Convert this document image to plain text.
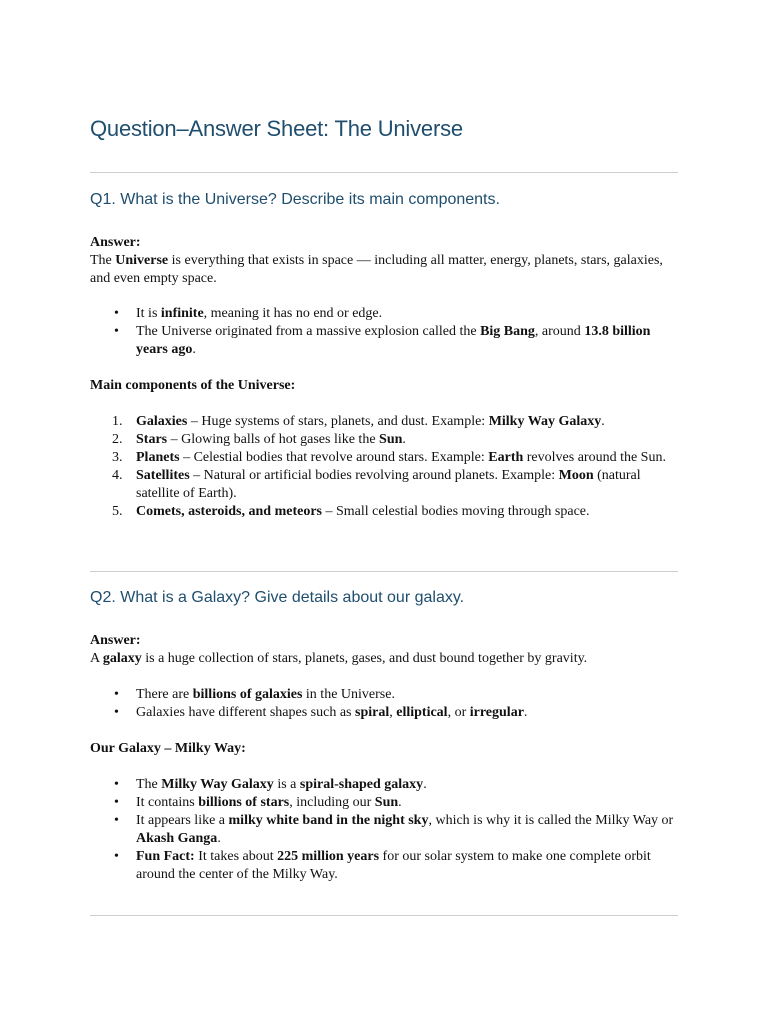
Question–Answer Sheet: The Universe
Q1. What is the Universe? Describe its main components.

Answer:

The Universe is everything that exists in space — including all matter, energy, planets, stars, galaxies, and even empty space.

• It is infinite, meaning it has no end or edge.
• The Universe originated from a massive explosion called the Big Bang, around 13.8 billion years ago.

Main components of the Universe:

1. Galaxies – Huge systems of stars, planets, and dust. Example: Milky Way Galaxy.
2. Stars – Glowing balls of hot gases like the Sun.
3. Planets – Celestial bodies that revolve around stars. Example: Earth revolves around the Sun.
4. Satellites – Natural or artificial bodies revolving around planets. Example: Moon (natural satellite of Earth).
5. Comets, asteroids, and meteors – Small celestial bodies moving through space.
Q2. What is a Galaxy? Give details about our galaxy.

Answer:

A galaxy is a huge collection of stars, planets, gases, and dust bound together by gravity.

• There are billions of galaxies in the Universe.
• Galaxies have different shapes such as spiral, elliptical, or irregular.

Our Galaxy – Milky Way:

• The Milky Way Galaxy is a spiral-shaped galaxy.
• It contains billions of stars, including our Sun.
• It appears like a milky white band in the night sky, which is why it is called the Milky Way or Akash Ganga.
• Fun Fact: It takes about 225 million years for our solar system to make one complete orbit around the center of the Milky Way.
